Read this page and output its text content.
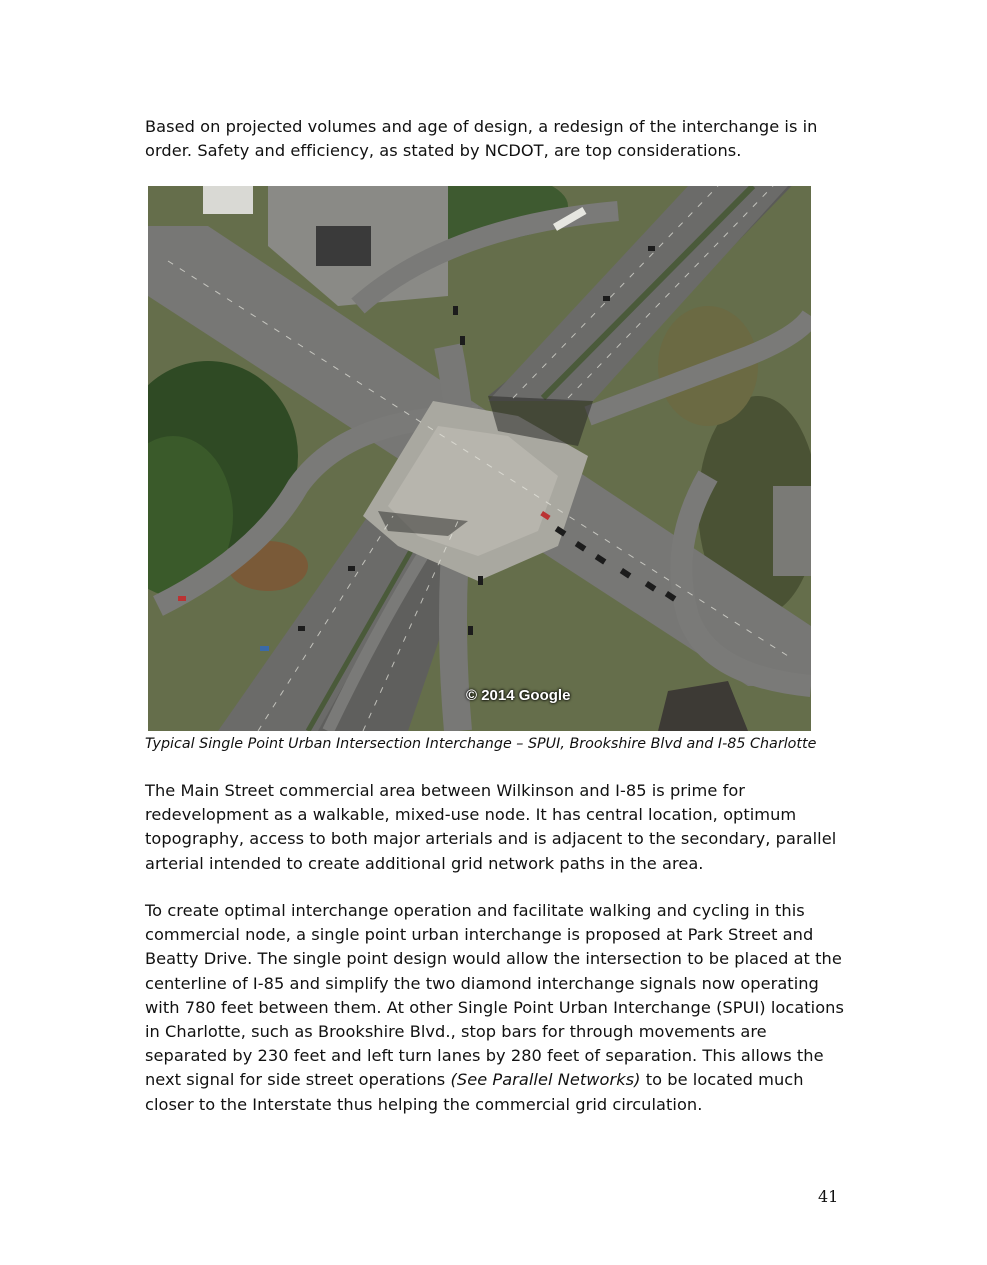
Based on projected volumes and age of design, a redesign of the interchange is in order. Safety and efficiency, as stated by NCDOT, are top considerations.

© 2014 Google
Typical Single Point Urban Intersection Interchange – SPUI, Brookshire Blvd and I-85 Charlotte

The Main Street commercial area between Wilkinson and I-85 is prime for redevelopment as a walkable, mixed-use node. It has central location, optimum topography, access to both major arterials and is adjacent to the secondary, parallel arterial intended to create additional grid network paths in the area.

To create optimal interchange operation and facilitate walking and cycling in this commercial node, a single point urban interchange is proposed at Park Street and Beatty Drive. The single point design would allow the intersection to be placed at the centerline of I-85 and simplify the two diamond interchange signals now operating with 780 feet between them. At other Single Point Urban Interchange (SPUI) locations in Charlotte, such as Brookshire Blvd., stop bars for through movements are separated by 230 feet and left turn lanes by 280 feet of separation. This allows the next signal for side street operations (See Parallel Networks) to be located much closer to the Interstate thus helping the commercial grid circulation.

41
